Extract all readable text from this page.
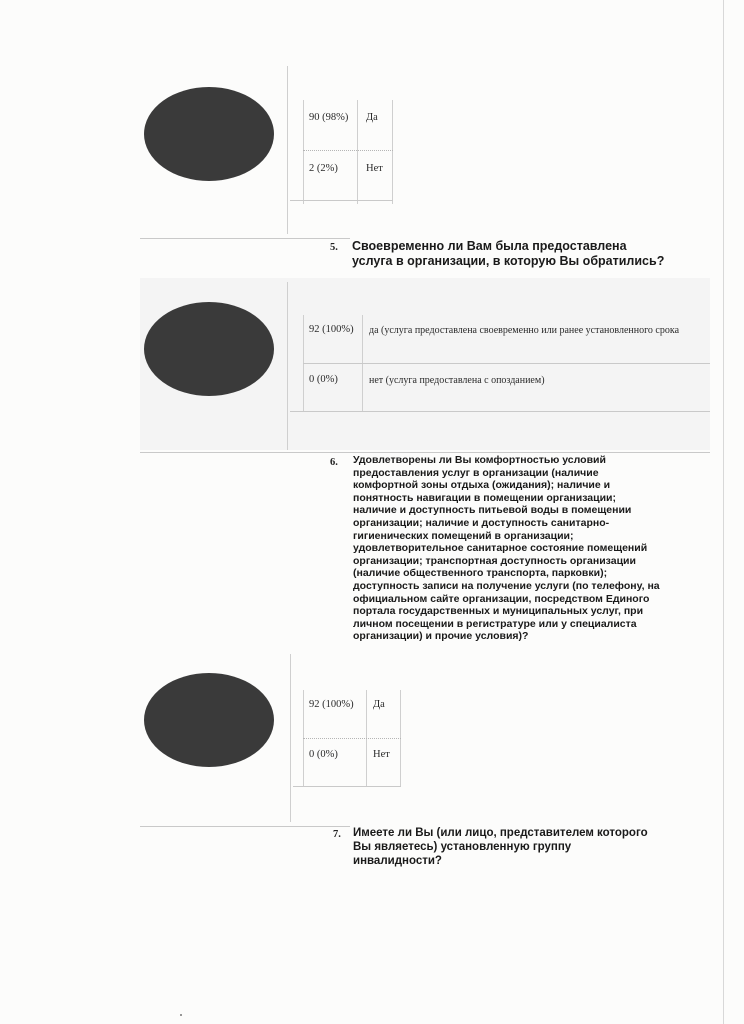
90 (98%) Да
2 (2%)	Нет
5. Своевременно ли Вам была предоставлена
услуга в организации, в которую Вы обратились?
92 (100%) да (услуга предоставлена своевременно или ранее установленного срока
0 (0%)	нет (услуга предоставлена с опозданием)
6. Удовлетворены ли Вы комфортностью условий
предоставления услуг в организации (наличие
комфортной зоны отдыха (ожидания); наличие и
понятность навигации в помещении организации;
наличие и доступность питьевой воды в помещении
организации; наличие и доступность санитарно-
гигиенических помещений в организации;
удовлетворительное санитарное состояние помещений
организации; транспортная доступность организации
(наличие общественного транспорта, парковки);
доступность записи на получение услуги (по телефону, на
официальном сайте организации, посредством Единого
портала государственных и муниципальных услуг, при
личном посещении в регистратуре или у специалиста
организации) и прочие условия)?
92 (100%) Да
0 (0%)	Нет
7. Имеете ли Вы (или лицо, представителем которого
Вы являетесь) установленную группу
инвалидности?
